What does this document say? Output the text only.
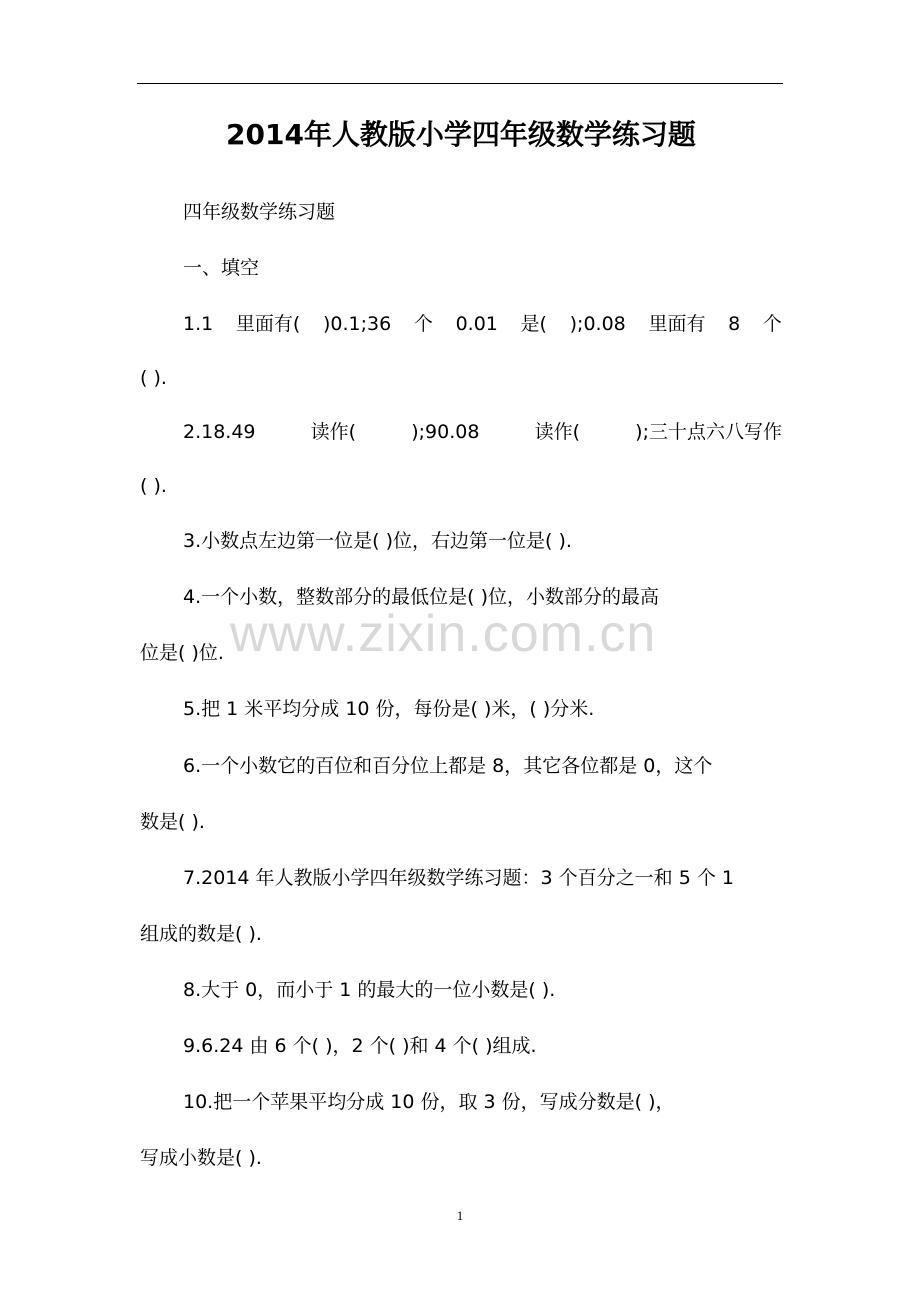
2014年人教版小学四年级数学练习题
四年级数学练习题
一、填空
1.1 里面有( )0.1;36 个 0.01 是( );0.08 里面有 8 个
( ).
2.18.49	读作(	);90.08	读作(	);三十点六八写作
( ).
3.小数点左边第一位是( )位，右边第一位是( ).
4.一个小数，整数部分的最低位是( )位，小数部分的最高
位是( )位.
5.把 1 米平均分成 10 份，每份是( )米，( )分米.
6.一个小数它的百位和百分位上都是 8，其它各位都是 0，这个
数是( ).
7.2014 年人教版小学四年级数学练习题：3 个百分之一和 5 个 1
组成的数是( ).
8.大于 0，而小于 1 的最大的一位小数是( ).
9.6.24 由 6 个( )，2 个( )和 4 个( )组成.
10.把一个苹果平均分成 10 份，取 3 份，写成分数是( )，
写成小数是( ).
www.zixin.com.cn
1
